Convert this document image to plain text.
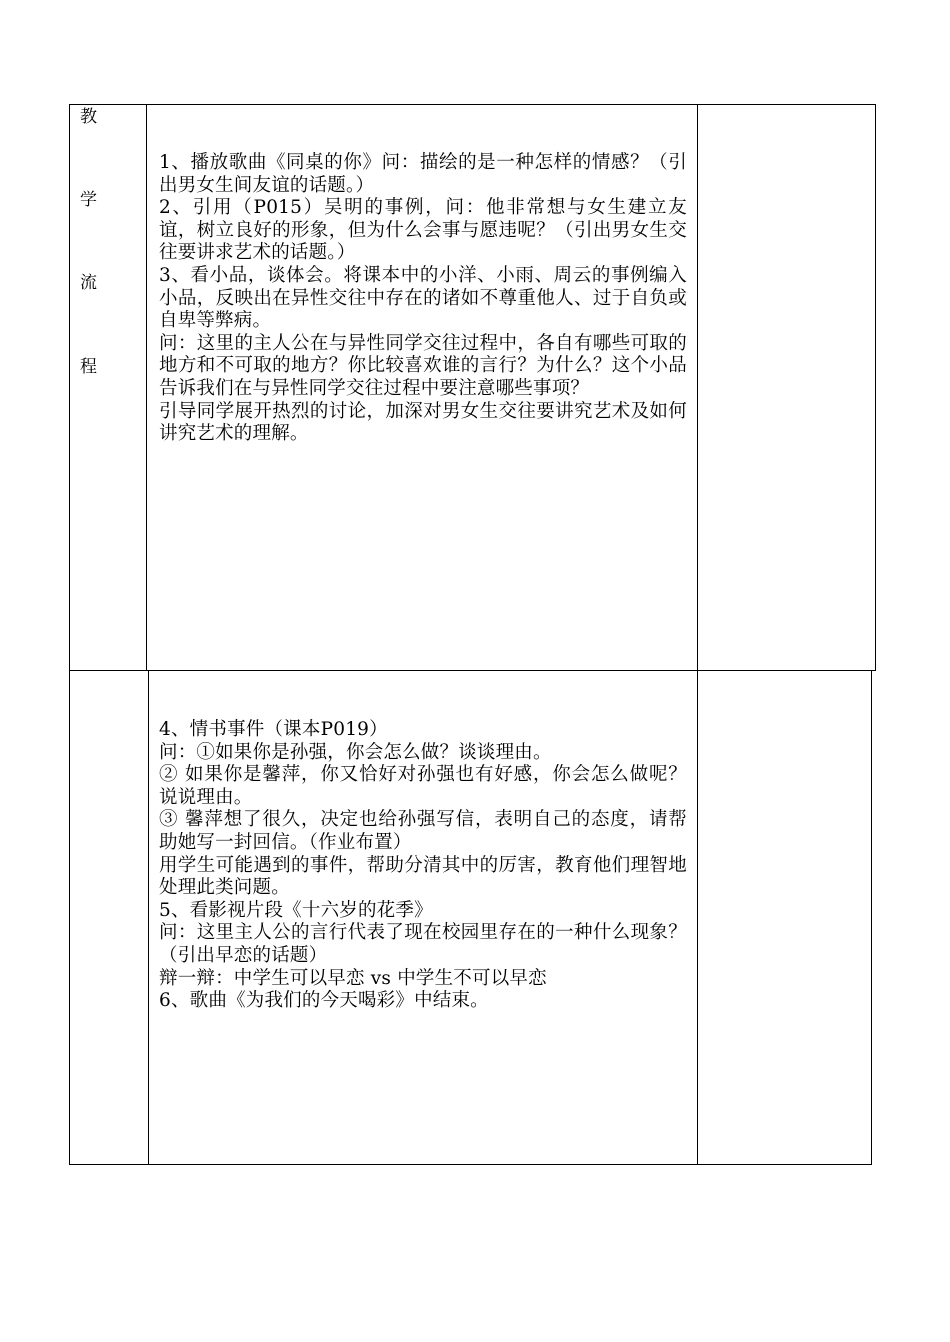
教
学
流
程

1、播放歌曲《同桌的你》问：描绘的是一种怎样的情感？（引出男女生间友谊的话题。）

2、引用（P015）吴明的事例，问：他非常想与女生建立友谊，树立良好的形象，但为什么会事与愿违呢？（引出男女生交往要讲求艺术的话题。）

3、看小品，谈体会。将课本中的小洋、小雨、周云的事例编入小品，反映出在异性交往中存在的诸如不尊重他人、过于自负或自卑等弊病。

问：这里的主人公在与异性同学交往过程中，各自有哪些可取的地方和不可取的地方？你比较喜欢谁的言行？为什么？这个小品告诉我们在与异性同学交往过程中要注意哪些事项？

引导同学展开热烈的讨论，加深对男女生交往要讲究艺术及如何讲究艺术的理解。

4、情书事件（课本P019）

问：①如果你是孙强，你会怎么做？谈谈理由。

② 如果你是馨萍，你又恰好对孙强也有好感，你会怎么做呢？说说理由。

③ 馨萍想了很久，决定也给孙强写信，表明自己的态度，请帮助她写一封回信。（作业布置）

用学生可能遇到的事件，帮助分清其中的厉害，教育他们理智地处理此类问题。

5、看影视片段《十六岁的花季》

问：这里主人公的言行代表了现在校园里存在的一种什么现象？（引出早恋的话题）

辩一辩：中学生可以早恋 vs 中学生不可以早恋

6、歌曲《为我们的今天喝彩》中结束。
